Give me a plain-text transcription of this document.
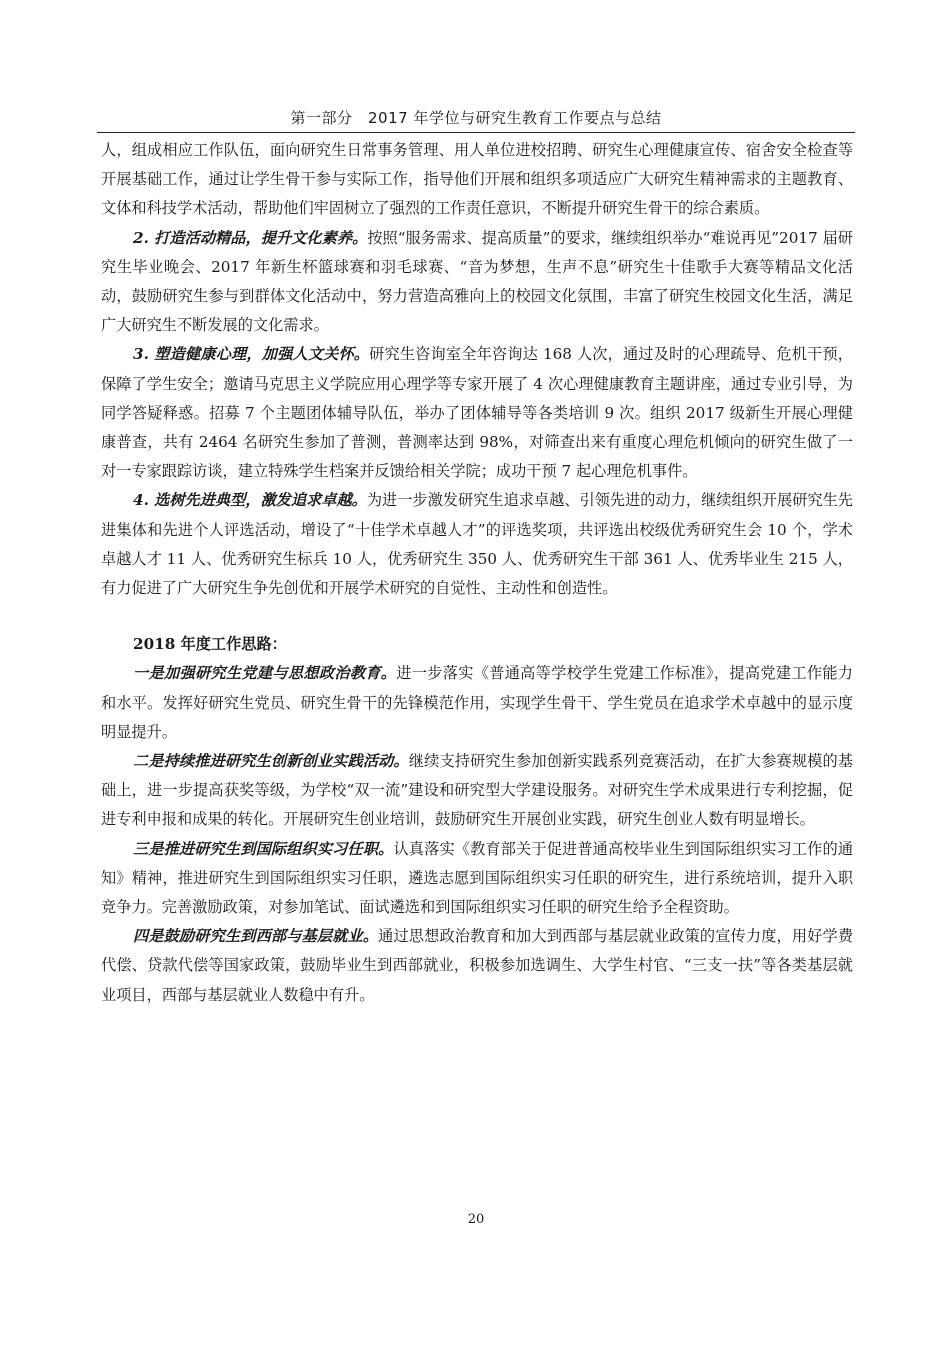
第一部分　2017 年学位与研究生教育工作要点与总结

人，组成相应工作队伍，面向研究生日常事务管理、用人单位进校招聘、研究生心理健康宣传、宿舍安全检查等开展基础工作，通过让学生骨干参与实际工作，指导他们开展和组织多项适应广大研究生精神需求的主题教育、文体和科技学术活动，帮助他们牢固树立了强烈的工作责任意识，不断提升研究生骨干的综合素质。

2. 打造活动精品，提升文化素养。按照“服务需求、提高质量”的要求，继续组织举办“难说再见”2017 届研究生毕业晚会、2017 年新生杯篮球赛和羽毛球赛、“音为梦想，生声不息”研究生十佳歌手大赛等精品文化活动，鼓励研究生参与到群体文化活动中，努力营造高雅向上的校园文化氛围，丰富了研究生校园文化生活，满足广大研究生不断发展的文化需求。

3. 塑造健康心理，加强人文关怀。研究生咨询室全年咨询达 168 人次，通过及时的心理疏导、危机干预，保障了学生安全；邀请马克思主义学院应用心理学等专家开展了 4 次心理健康教育主题讲座，通过专业引导，为同学答疑释惑。招募 7 个主题团体辅导队伍，举办了团体辅导等各类培训 9 次。组织 2017 级新生开展心理健康普查，共有 2464 名研究生参加了普测，普测率达到 98%，对筛查出来有重度心理危机倾向的研究生做了一对一专家跟踪访谈，建立特殊学生档案并反馈给相关学院；成功干预 7 起心理危机事件。

4. 选树先进典型，激发追求卓越。为进一步激发研究生追求卓越、引领先进的动力，继续组织开展研究生先进集体和先进个人评选活动，增设了“十佳学术卓越人才”的评选奖项，共评选出校级优秀研究生会 10 个，学术卓越人才 11 人、优秀研究生标兵 10 人，优秀研究生 350 人、优秀研究生干部 361 人、优秀毕业生 215 人，有力促进了广大研究生争先创优和开展学术研究的自觉性、主动性和创造性。

2018 年度工作思路：

一是加强研究生党建与思想政治教育。进一步落实《普通高等学校学生党建工作标准》，提高党建工作能力和水平。发挥好研究生党员、研究生骨干的先锋模范作用，实现学生骨干、学生党员在追求学术卓越中的显示度明显提升。

二是持续推进研究生创新创业实践活动。继续支持研究生参加创新实践系列竞赛活动，在扩大参赛规模的基础上，进一步提高获奖等级，为学校“双一流”建设和研究型大学建设服务。对研究生学术成果进行专利挖掘，促进专利申报和成果的转化。开展研究生创业培训，鼓励研究生开展创业实践，研究生创业人数有明显增长。

三是推进研究生到国际组织实习任职。认真落实《教育部关于促进普通高校毕业生到国际组织实习工作的通知》精神，推进研究生到国际组织实习任职，遴选志愿到国际组织实习任职的研究生，进行系统培训，提升入职竞争力。完善激励政策，对参加笔试、面试遴选和到国际组织实习任职的研究生给予全程资助。

四是鼓励研究生到西部与基层就业。通过思想政治教育和加大到西部与基层就业政策的宣传力度，用好学费代偿、贷款代偿等国家政策，鼓励毕业生到西部就业，积极参加选调生、大学生村官、“三支一扶”等各类基层就业项目，西部与基层就业人数稳中有升。

20
